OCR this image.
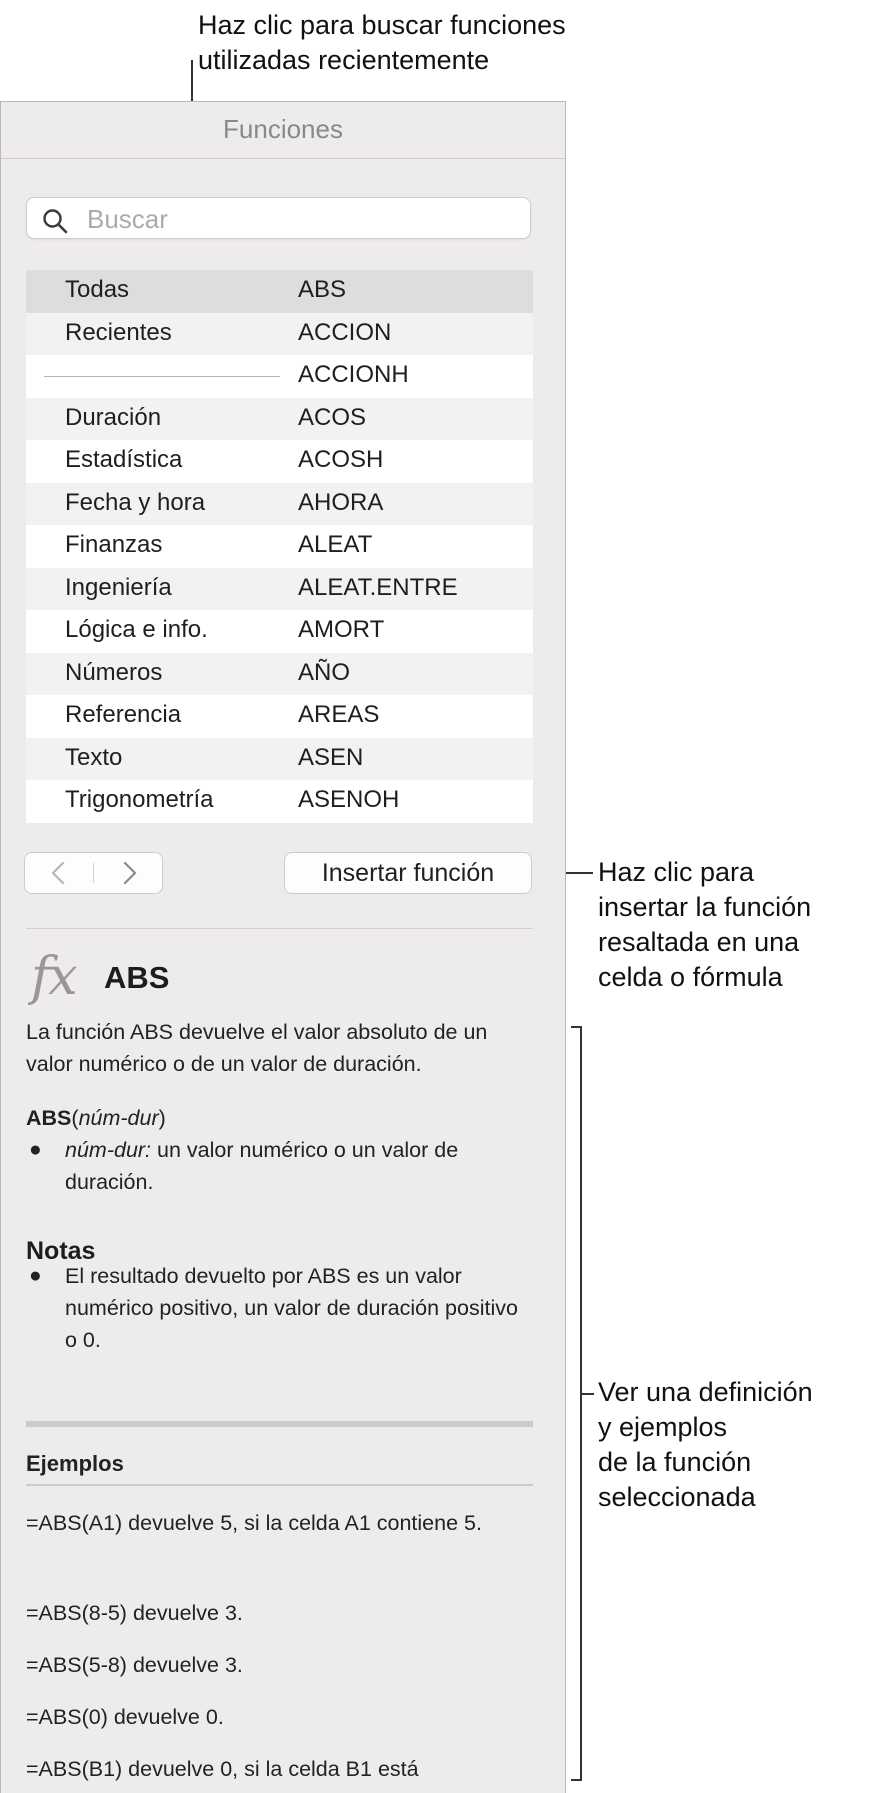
Haz clic para buscar funciones
utilizadas recientemente
Haz clic para
insertar la función
resaltada en una
celda o fórmula
Ver una definición
y ejemplos
de la función
seleccionada
Funciones
Buscar
Todas	ABS
Recientes	ACCION
ACCIONH
Duración	ACOS
Estadística	ACOSH
Fecha y hora	AHORA
Finanzas	ALEAT
Ingeniería	ALEAT.ENTRE
Lógica e info.	AMORT
Números	AÑO
Referencia	AREAS
Texto	ASEN
Trigonometría	ASENOH
Insertar función
fx ABS
La función ABS devuelve el valor absoluto de un valor numérico o de un valor de duración.
ABS(núm-dur)
● núm-dur: un valor numérico o un valor de duración.
Notas
● El resultado devuelto por ABS es un valor numérico positivo, un valor de duración positivo o 0.
Ejemplos
=ABS(A1) devuelve 5, si la celda A1 contiene 5.
=ABS(8-5) devuelve 3.
=ABS(5-8) devuelve 3.
=ABS(0) devuelve 0.
=ABS(B1) devuelve 0, si la celda B1 está
